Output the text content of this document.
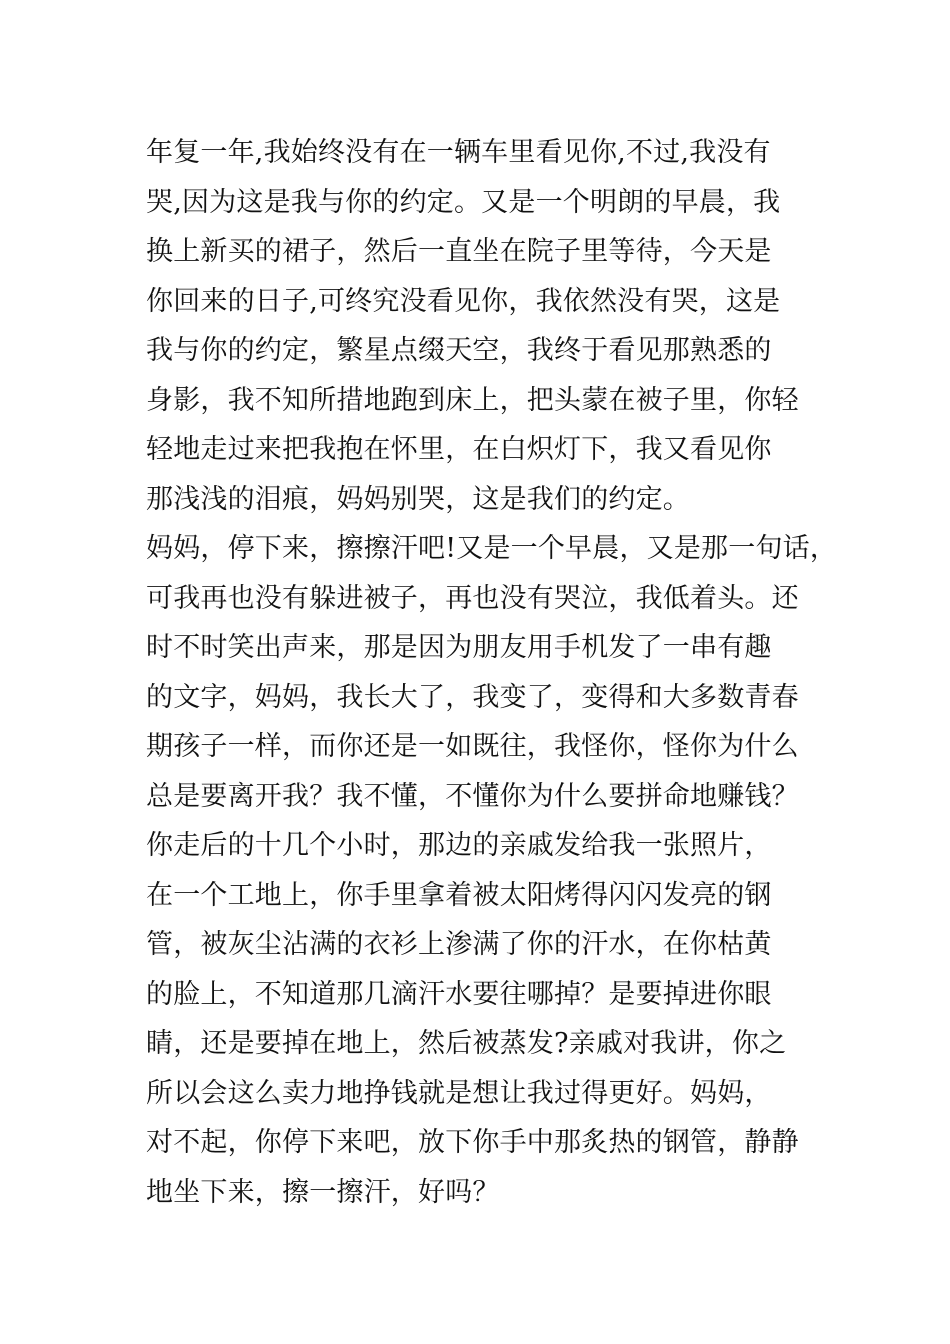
年复一年,我始终没有在一辆车里看见你,不过,我没有
哭,因为这是我与你的约定。又是一个明朗的早晨，我
换上新买的裙子，然后一直坐在院子里等待，今天是
你回来的日子,可终究没看见你，我依然没有哭，这是
我与你的约定，繁星点缀天空，我终于看见那熟悉的
身影，我不知所措地跑到床上，把头蒙在被子里，你轻
轻地走过来把我抱在怀里，在白炽灯下，我又看见你
那浅浅的泪痕，妈妈别哭，这是我们的约定。
妈妈，停下来，擦擦汗吧!又是一个早晨，又是那一句话，
可我再也没有躲进被子，再也没有哭泣，我低着头。还
时不时笑出声来，那是因为朋友用手机发了一串有趣
的文字，妈妈，我长大了，我变了，变得和大多数青春
期孩子一样，而你还是一如既往，我怪你，怪你为什么
总是要离开我？我不懂，不懂你为什么要拼命地赚钱？
你走后的十几个小时，那边的亲戚发给我一张照片，
在一个工地上，你手里拿着被太阳烤得闪闪发亮的钢
管，被灰尘沾满的衣衫上渗满了你的汗水，在你枯黄
的脸上，不知道那几滴汗水要往哪掉？是要掉进你眼
睛，还是要掉在地上，然后被蒸发?亲戚对我讲，你之
所以会这么卖力地挣钱就是想让我过得更好。妈妈，
对不起，你停下来吧，放下你手中那炙热的钢管，静静
地坐下来，擦一擦汗，好吗？
